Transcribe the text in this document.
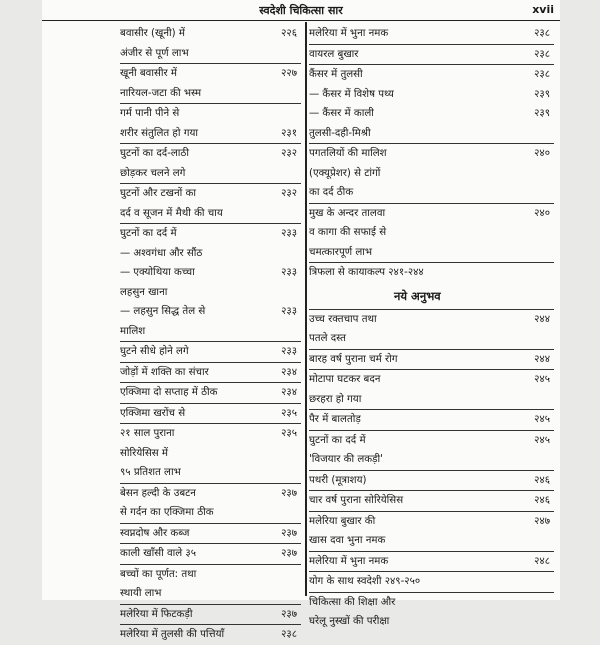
स्वदेशी चिकित्सा सार	xvii
बवासीर (खूनी) में	२२६
अंजीर से पूर्ण लाभ
खूनी बवासीर में	२२७
नारियल-जटा की भस्म
गर्म पानी पीने से
शरीर संतुलित हो गया	२३१
घुटनों का दर्द-लाठी	२३२
छोड़कर चलने लगे
घुटनों और टखनों का	२३२
दर्द व सूजन में मैथी की चाय
घुटनों का दर्द में	२३३
— अश्वगंधा और सौंठ
— एक्योथिया कच्चा	२३३
लहसुन खाना
— लहसुन सिद्ध तेल से	२३३
मालिश
घुटने सीधे होने लगे	२३३
जोड़ों में शक्ति का संचार	२३४
एक्जिमा दो सप्ताह में ठीक	२३४
एक्जिमा खरोंच से	२३५
२१ साल पुराना	२३५
सोरियेसिस में
९५ प्रतिशत लाभ
बेसन हल्दी के उबटन	२३७
से गर्दन का एक्जिमा ठीक
स्वप्नदोष और कब्ज	२३७
काली खाँसी वाले ३५	२३७
बच्चों का पूर्णत: तथा
स्थायी लाभ
मलेरिया में फिटकड़ी	२३७
मलेरिया में तुलसी की पत्तियाँ	२३८
मलेरिया में भुना नमक	२३८
वायरल बुखार	२३८
कैंसर में तुलसी	२३८
— कैंसर में विशेष पथ्य	२३९
— कैंसर में काली	२३९
तुलसी-दही-मिश्री
पगतलियों की मालिश	२४०
(एक्यूप्रेशर) से टांगों
का दर्द ठीक
मुख के अन्दर तालवा	२४०
व कागा की सफाई से
चमत्कारपूर्ण लाभ
त्रिफला से कायाकल्प २४१-२४४
नये अनुभव
उच्च रक्तचाप तथा	२४४
पतले दस्त
बारह वर्ष पुराना चर्म रोग	२४४
मोटापा घटकर बदन	२४५
छरहरा हो गया
पैर में बालतोड़	२४५
घुटनों का दर्द में	२४५
'विजयार की लकड़ी'
पथरी (मूत्राशय)	२४६
चार वर्ष पुराना सोरियेसिस	२४६
मलेरिया बुखार की	२४७
खास दवा भुना नमक
मलेरिया में भुना नमक	२४८
योग के साथ स्वदेशी २४९-२५०
चिकित्सा की शिक्षा और
घरेलू नुस्खों की परीक्षा
